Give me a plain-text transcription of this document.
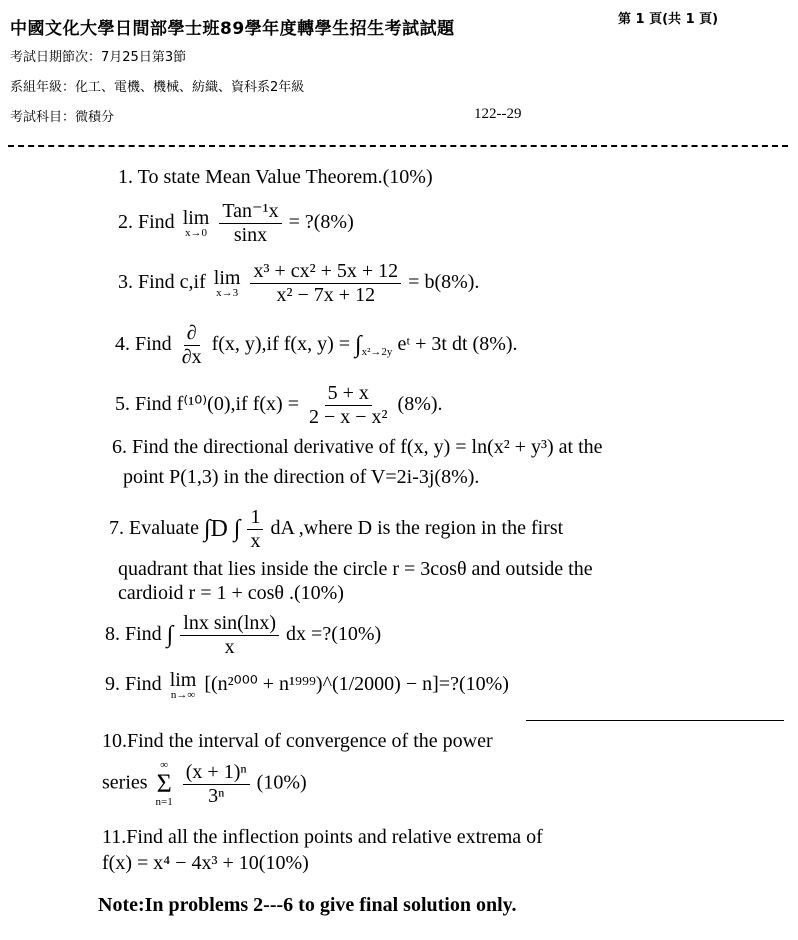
中國文化大學日間部學士班89學年度轉學生招生考試試題	第 1 頁(共 1 頁)
考試日期節次：7月25日第3節
系組年級：化工、電機、機械、紡織、資科系2年級
考試科目：微積分	122--29
1. To state Mean Value Theorem.(10%)
2. Find lim
x→0
$\frac{\text{Tan⁻¹x}}{\sin x}$ = ?(8%)
3. Find c,if lim
x→3
$\frac{\text{x³ + cx² + 5x + 12}}{\text{x² − 7x + 12}} = b(8\%)$.
4. Find $\frac{\partial}{\partial x} f(x$, y),if f(x, $y) = \int_{x^2\to 2y}$ eᵗ + 3t dt (8%).
5. Find f⁽¹⁰⁾(0),if $f(x) = \frac{5 + x}{\text{2 − x − x²}} (8\%)$.
6. Find the directional derivative of f(x, y) = ln(x² + y³) at the
point P(1,3) in the direction of V=2i-3j(8%).
7. Evaluate ∫D ∫ $\frac{1}{x}$ dA ,where D is the region in the first
quadrant that lies inside the circle r = 3cosθ and outside the
cardioid r = 1 + cosθ .(10%)
8. Find ∫ $\frac{\text{lnx sin(lnx)}}{x}$ dx =?(10%)
9. Find lim
n→∞ [(n²⁰⁰⁰ + n¹⁹⁹⁹)^(1/2000) − n]=?(10%)
10.Find the interval of convergence of the power
series
∞
Σ
n=1
$\frac{\text{(x + 1)ⁿ}}{\text{3ⁿ}} (10\%)$
11.Find all the inflection points and relative extrema of
f(x) = x⁴ − 4x³ + 10(10%)
Note:In problems 2---6 to give final solution only.
